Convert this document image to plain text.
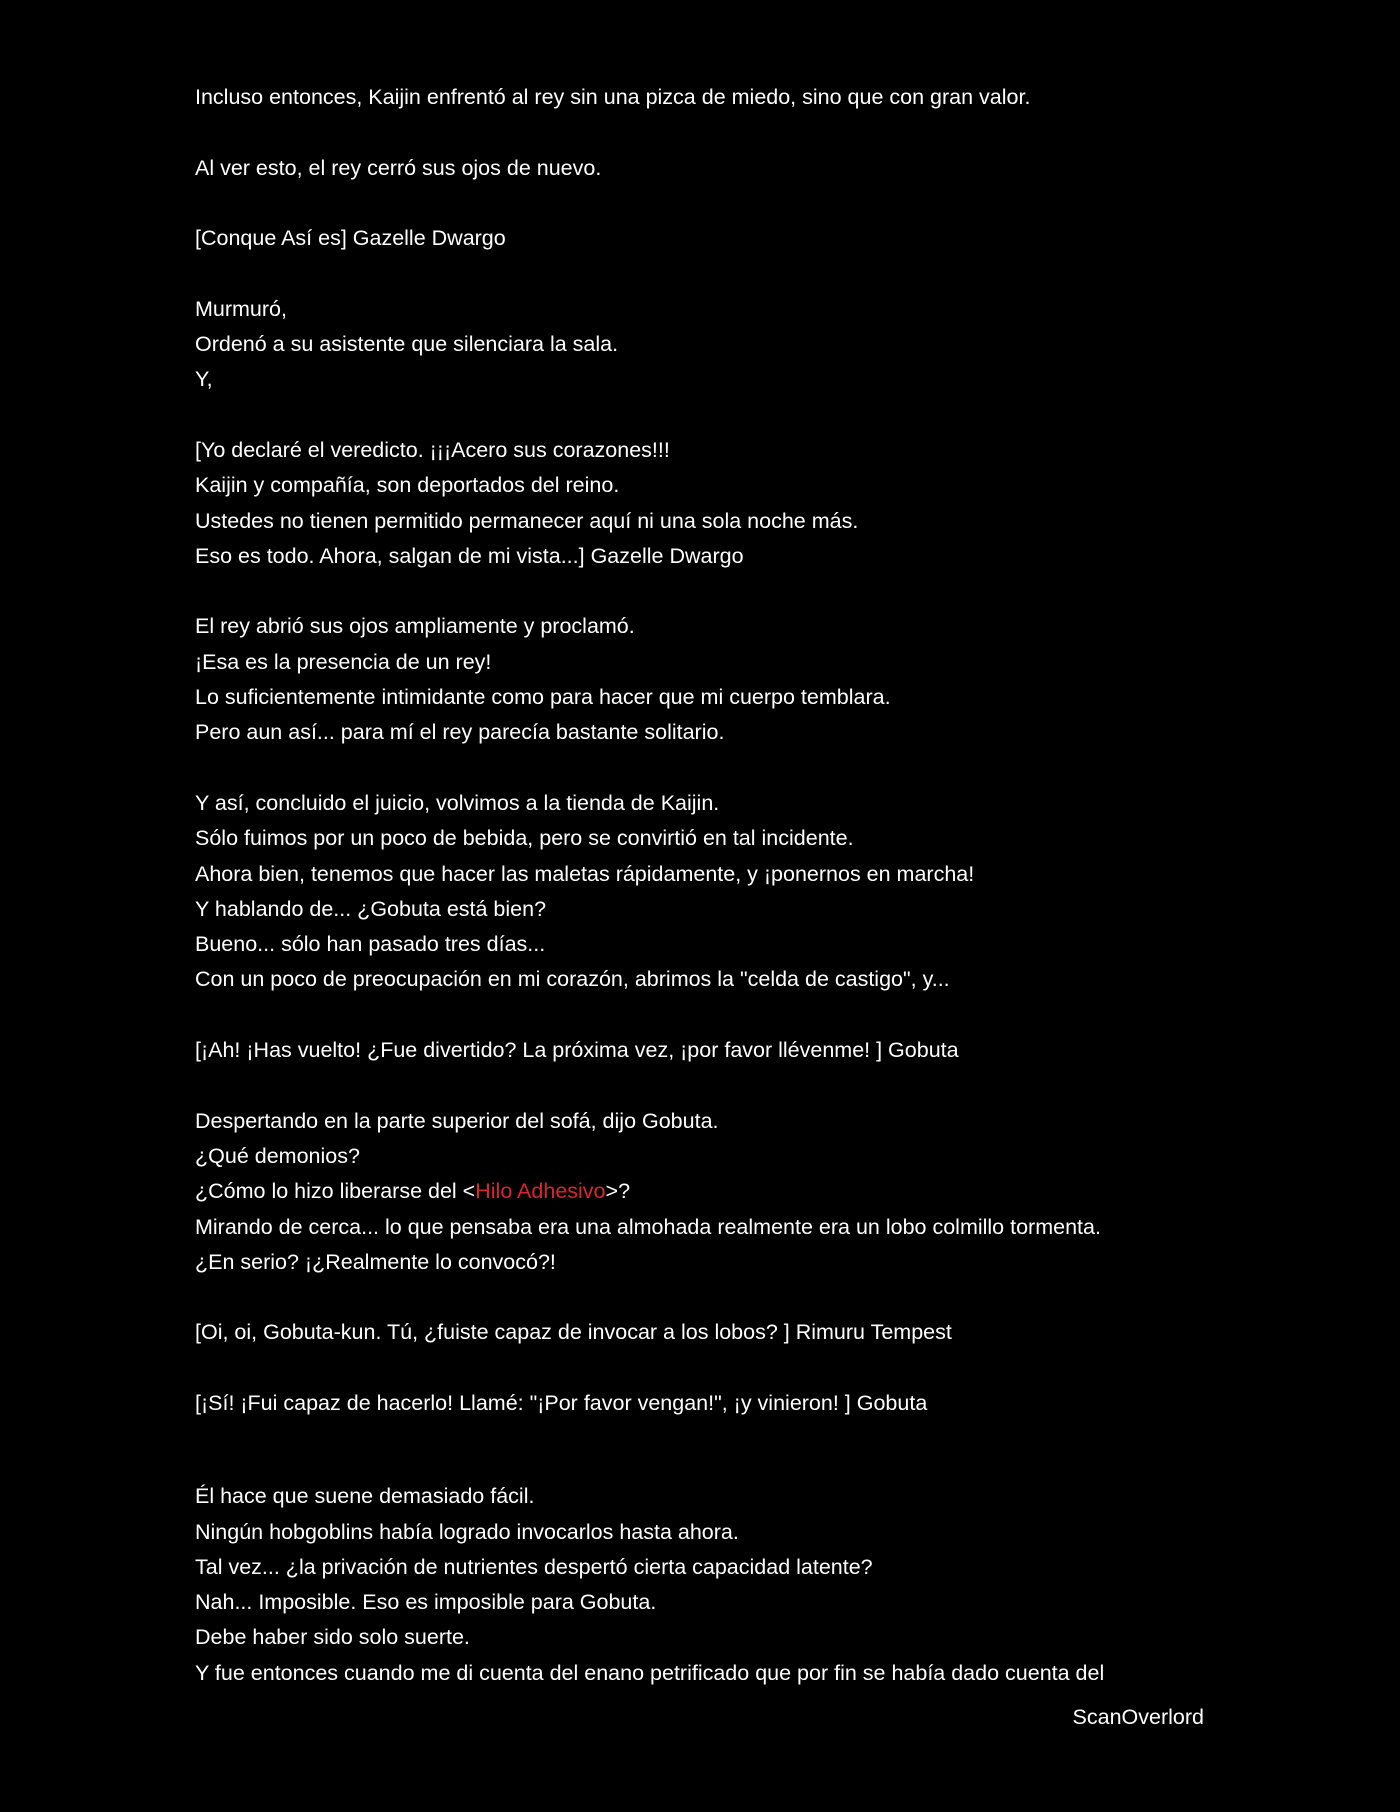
Incluso entonces, Kaijin enfrentó al rey sin una pizca de miedo, sino que con gran valor.
Al ver esto, el rey cerró sus ojos de nuevo.
[Conque Así es] Gazelle Dwargo
Murmuró,
Ordenó a su asistente que silenciara la sala.
Y,
[Yo declaré el veredicto. ¡¡¡Acero sus corazones!!!
Kaijin y compañía, son deportados del reino.
Ustedes no tienen permitido permanecer aquí ni una sola noche más.
Eso es todo. Ahora, salgan de mi vista...] Gazelle Dwargo
El rey abrió sus ojos ampliamente y proclamó.
¡Esa es la presencia de un rey!
Lo suficientemente intimidante como para hacer que mi cuerpo temblara.
Pero aun así... para mí el rey parecía bastante solitario.
Y así, concluido el juicio, volvimos a la tienda de Kaijin.
Sólo fuimos por un poco de bebida, pero se convirtió en tal incidente.
Ahora bien, tenemos que hacer las maletas rápidamente, y ¡ponernos en marcha!
Y hablando de... ¿Gobuta está bien?
Bueno... sólo han pasado tres días...
Con un poco de preocupación en mi corazón, abrimos la "celda de castigo", y...
[¡Ah! ¡Has vuelto! ¿Fue divertido? La próxima vez, ¡por favor llévenme! ] Gobuta
Despertando en la parte superior del sofá, dijo Gobuta.
¿Qué demonios?
¿Cómo lo hizo liberarse del <Hilo Adhesivo>?
Mirando de cerca... lo que pensaba era una almohada realmente era un lobo colmillo tormenta.
¿En serio? ¡¿Realmente lo convocó?!
[Oi, oi, Gobuta-kun. Tú, ¿fuiste capaz de invocar a los lobos? ] Rimuru Tempest
[¡Sí! ¡Fui capaz de hacerlo! Llamé: "¡Por favor vengan!", ¡y vinieron! ] Gobuta
Él hace que suene demasiado fácil.
Ningún hobgoblins había logrado invocarlos hasta ahora.
Tal vez... ¿la privación de nutrientes despertó cierta capacidad latente?
Nah... Imposible. Eso es imposible para Gobuta.
Debe haber sido solo suerte.
Y fue entonces cuando me di cuenta del enano petrificado que por fin se había dado cuenta del
ScanOverlord
